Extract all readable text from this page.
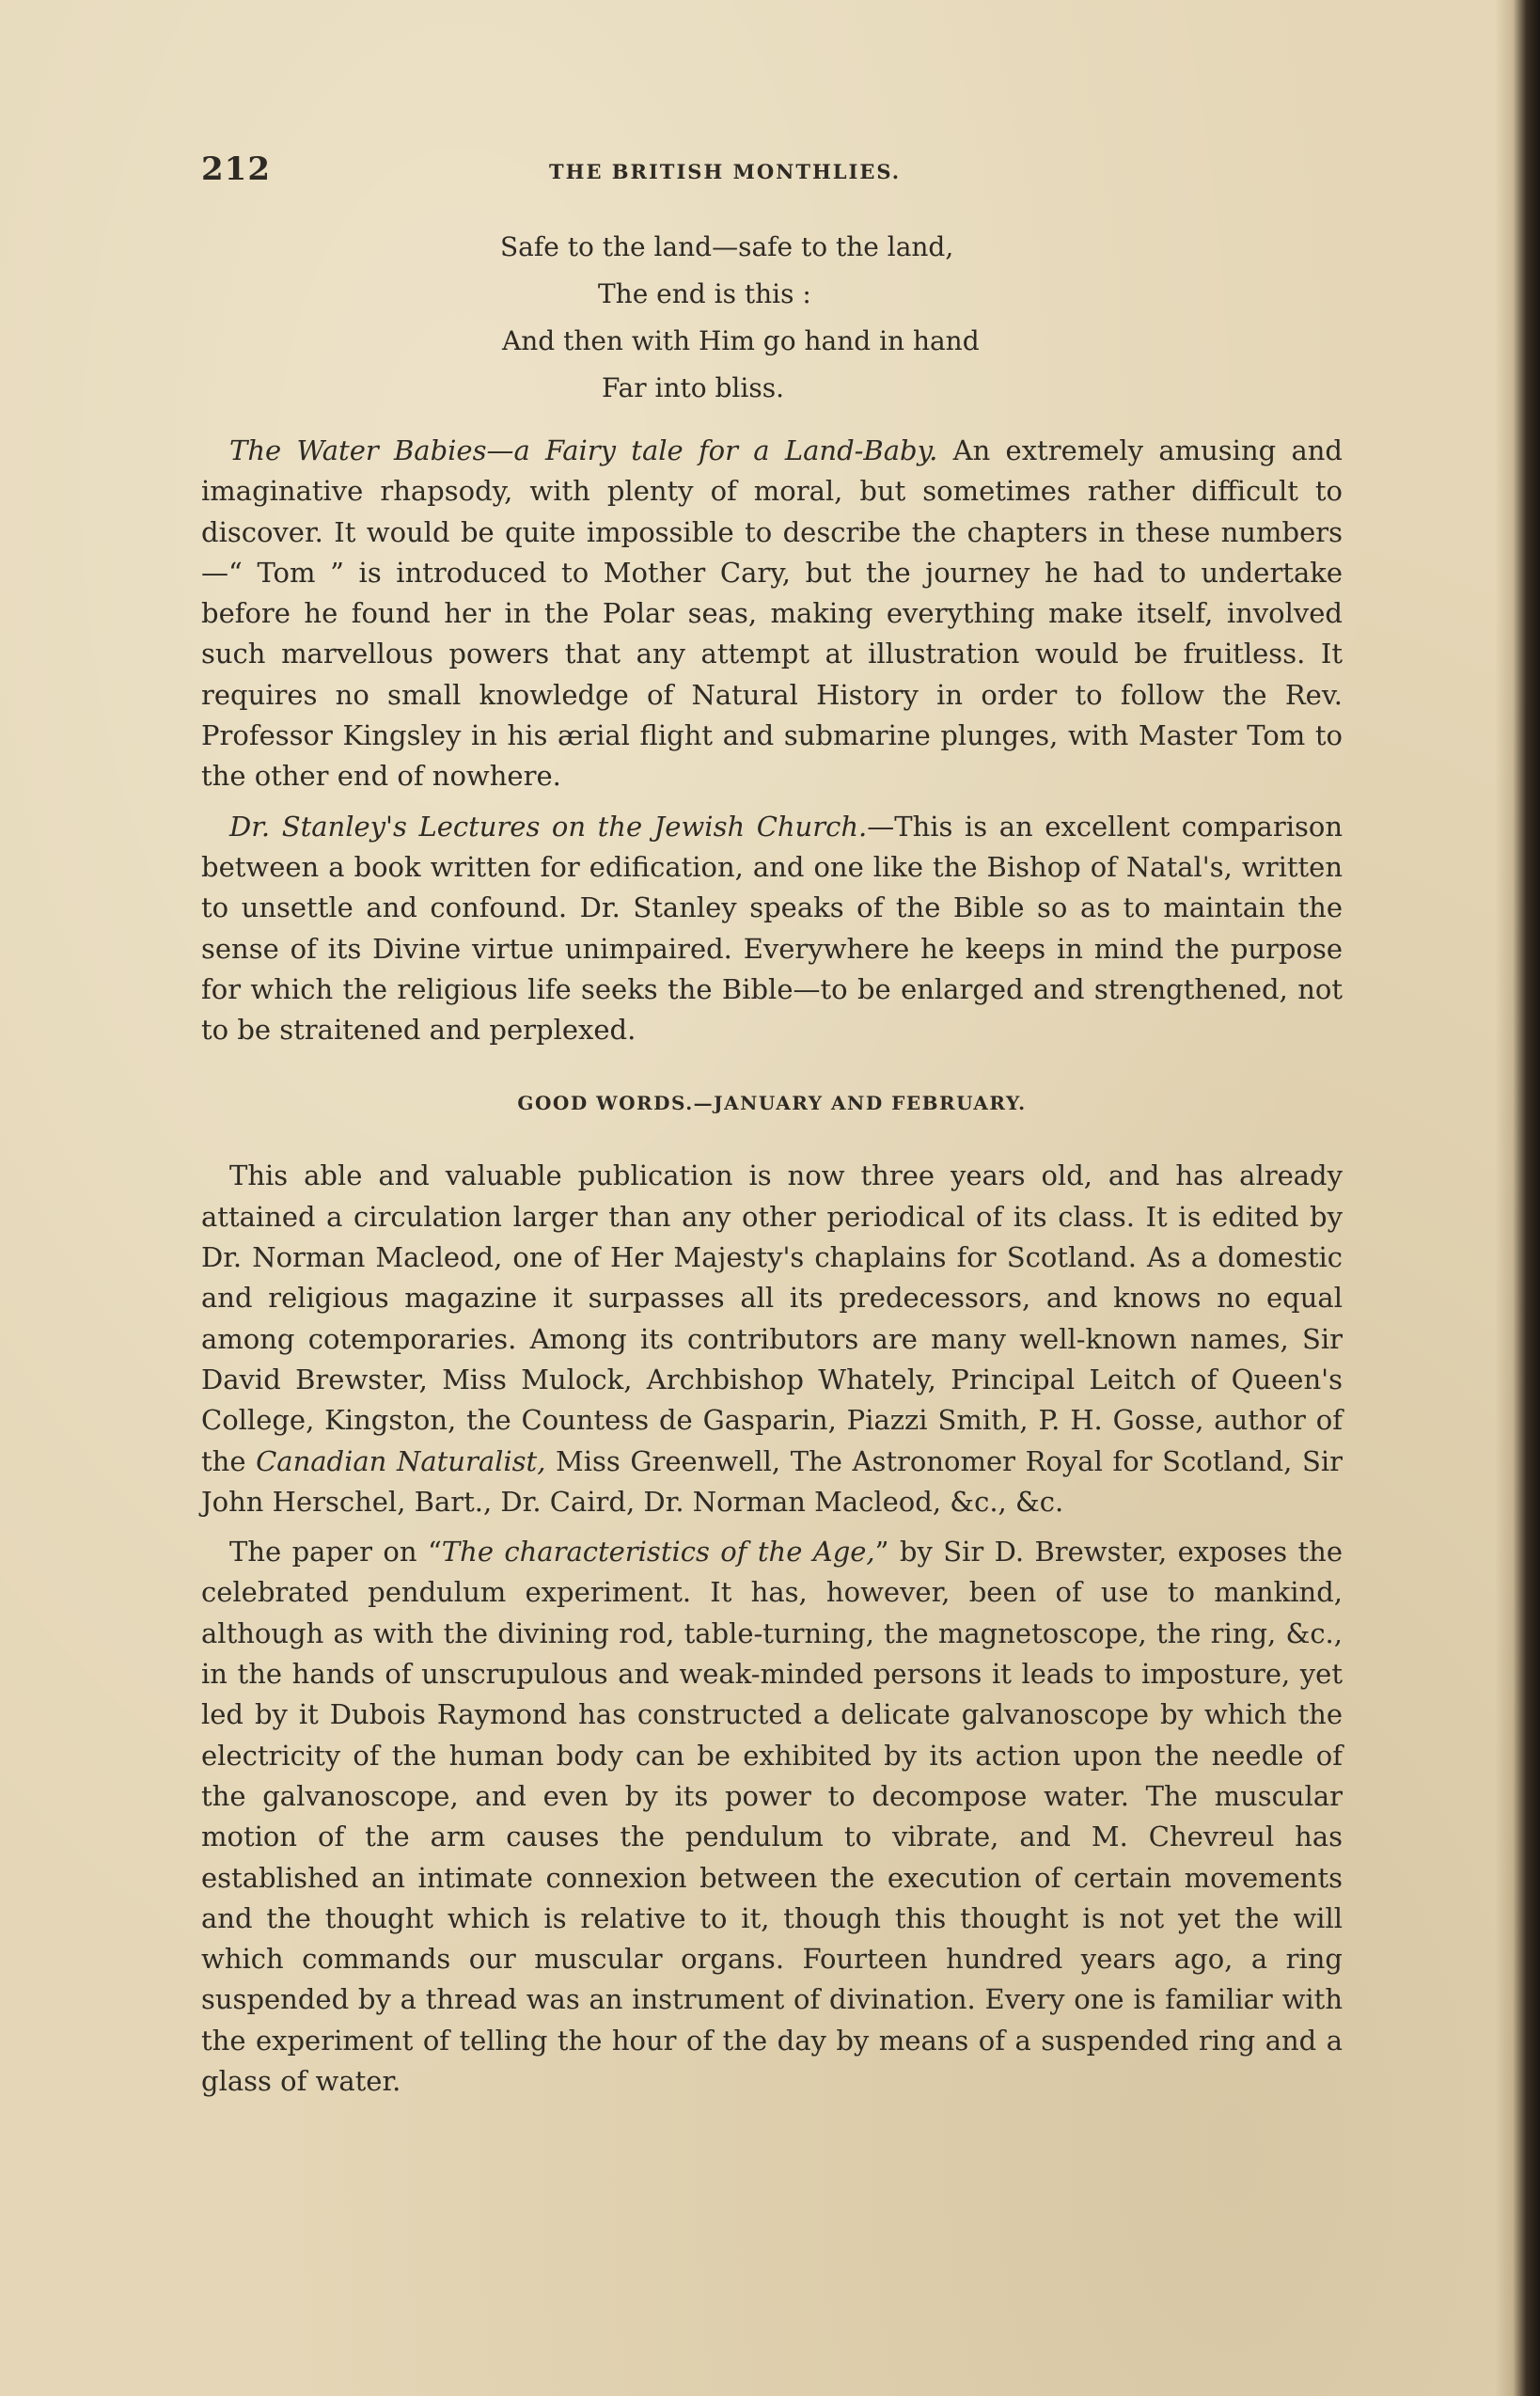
212	THE BRITISH MONTHLIES.
Safe to the land—safe to the land,
The end is this :
And then with Him go hand in hand
Far into bliss.

The Water Babies—a Fairy tale for a Land-Baby. An extremely amusing and imaginative rhapsody, with plenty of moral, but sometimes rather difficult to discover. It would be quite impossible to describe the chapters in these numbers—“ Tom ” is introduced to Mother Cary, but the journey he had to undertake before he found her in the Polar seas, making everything make itself, involved such marvellous powers that any attempt at illustration would be fruitless. It requires no small knowledge of Natural History in order to follow the Rev. Professor Kingsley in his ærial flight and submarine plunges, with Master Tom to the other end of nowhere.

Dr. Stanley's Lectures on the Jewish Church.—This is an excellent comparison between a book written for edification, and one like the Bishop of Natal's, written to unsettle and confound. Dr. Stanley speaks of the Bible so as to maintain the sense of its Divine virtue unimpaired. Everywhere he keeps in mind the purpose for which the religious life seeks the Bible—to be enlarged and strengthened, not to be straitened and perplexed.

GOOD WORDS.—JANUARY AND FEBRUARY.

This able and valuable publication is now three years old, and has already attained a circulation larger than any other periodical of its class. It is edited by Dr. Norman Macleod, one of Her Majesty's chaplains for Scotland. As a domestic and religious magazine it surpasses all its predecessors, and knows no equal among cotemporaries. Among its contributors are many well-known names, Sir David Brewster, Miss Mulock, Archbishop Whately, Principal Leitch of Queen's College, Kingston, the Countess de Gasparin, Piazzi Smith, P. H. Gosse, author of the Canadian Naturalist, Miss Greenwell, The Astronomer Royal for Scotland, Sir John Herschel, Bart., Dr. Caird, Dr. Norman Macleod, &c., &c.

The paper on “The characteristics of the Age,” by Sir D. Brewster, exposes the celebrated pendulum experiment. It has, however, been of use to mankind, although as with the divining rod, table-turning, the magnetoscope, the ring, &c., in the hands of unscrupulous and weak-minded persons it leads to imposture, yet led by it Dubois Raymond has constructed a delicate galvanoscope by which the electricity of the human body can be exhibited by its action upon the needle of the galvanoscope, and even by its power to decompose water. The muscular motion of the arm causes the pendulum to vibrate, and M. Chevreul has established an intimate connexion between the execution of certain movements and the thought which is relative to it, though this thought is not yet the will which commands our muscular organs. Fourteen hundred years ago, a ring suspended by a thread was an instrument of divination. Every one is familiar with the experiment of telling the hour of the day by means of a suspended ring and a glass of water.
